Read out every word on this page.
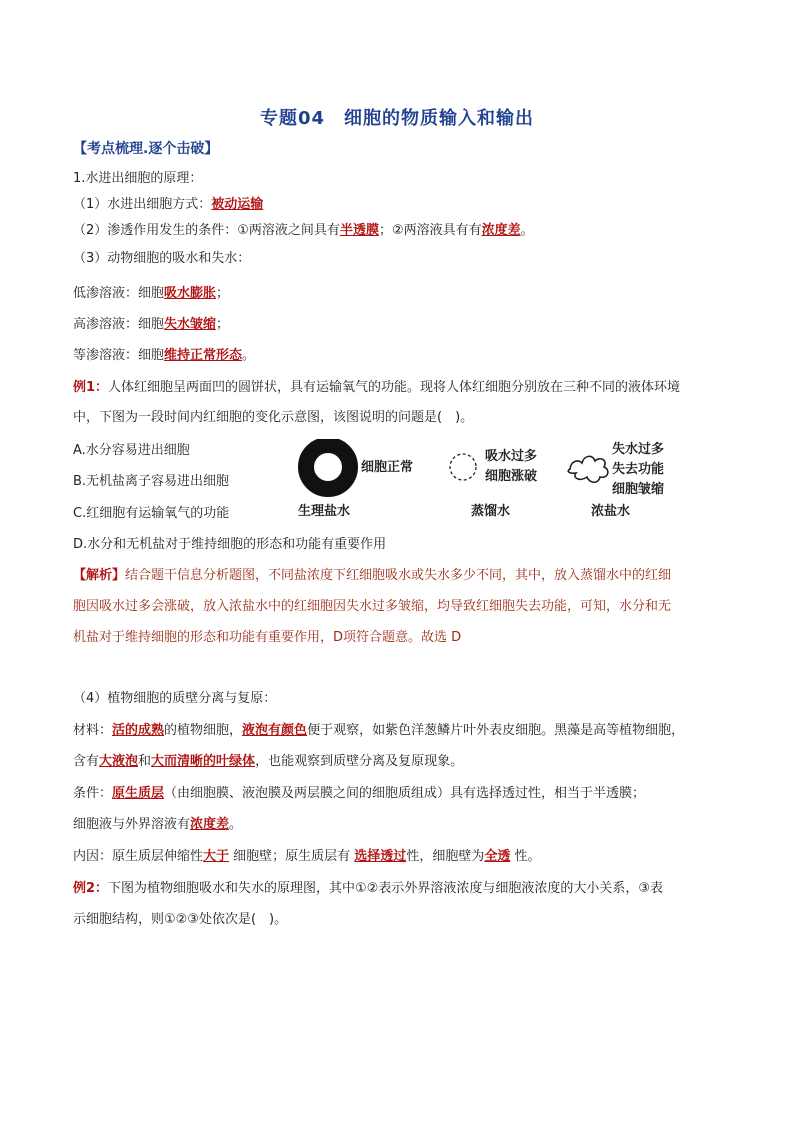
专题04　细胞的物质输入和输出
【考点梳理.逐个击破】
1.水进出细胞的原理：
（1）水进出细胞方式：被动运输
（2）渗透作用发生的条件：①两溶液之间具有半透膜；②两溶液具有有浓度差。
（3）动物细胞的吸水和失水：
低渗溶液：细胞吸水膨胀；
高渗溶液：细胞失水皱缩；
等渗溶液：细胞维持正常形态。
例1：人体红细胞呈两面凹的圆饼状，具有运输氧气的功能。现将人体红细胞分别放在三种不同的液体环境
中，下图为一段时间内红细胞的变化示意图，该图说明的问题是(　)。
A.水分容易进出细胞
B.无机盐离子容易进出细胞
C.红细胞有运输氧气的功能
D.水分和无机盐对于维持细胞的形态和功能有重要作用
细胞正常
吸水过多
细胞涨破
失水过多
失去功能
细胞皱缩
生理盐水	蒸馏水	浓盐水
【解析】结合题干信息分析题图，不同盐浓度下红细胞吸水或失水多少不同，其中，放入蒸馏水中的红细
胞因吸水过多会涨破，放入浓盐水中的红细胞因失水过多皱缩，均导致红细胞失去功能，可知，水分和无
机盐对于维持细胞的形态和功能有重要作用，D项符合题意。故选 D
（4）植物细胞的质壁分离与复原：
材料：活的成熟的植物细胞，液泡有颜色便于观察，如紫色洋葱鳞片叶外表皮细胞。黑藻是高等植物细胞，
含有大液泡和大而清晰的叶绿体，也能观察到质壁分离及复原现象。
条件：原生质层（由细胞膜、液泡膜及两层膜之间的细胞质组成）具有选择透过性，相当于半透膜；
细胞液与外界溶液有浓度差。
内因：原生质层伸缩性大于 细胞壁；原生质层有 选择透过性，细胞壁为全透 性。
例2：下图为植物细胞吸水和失水的原理图，其中①②表示外界溶液浓度与细胞液浓度的大小关系，③表
示细胞结构，则①②③处依次是(　)。
